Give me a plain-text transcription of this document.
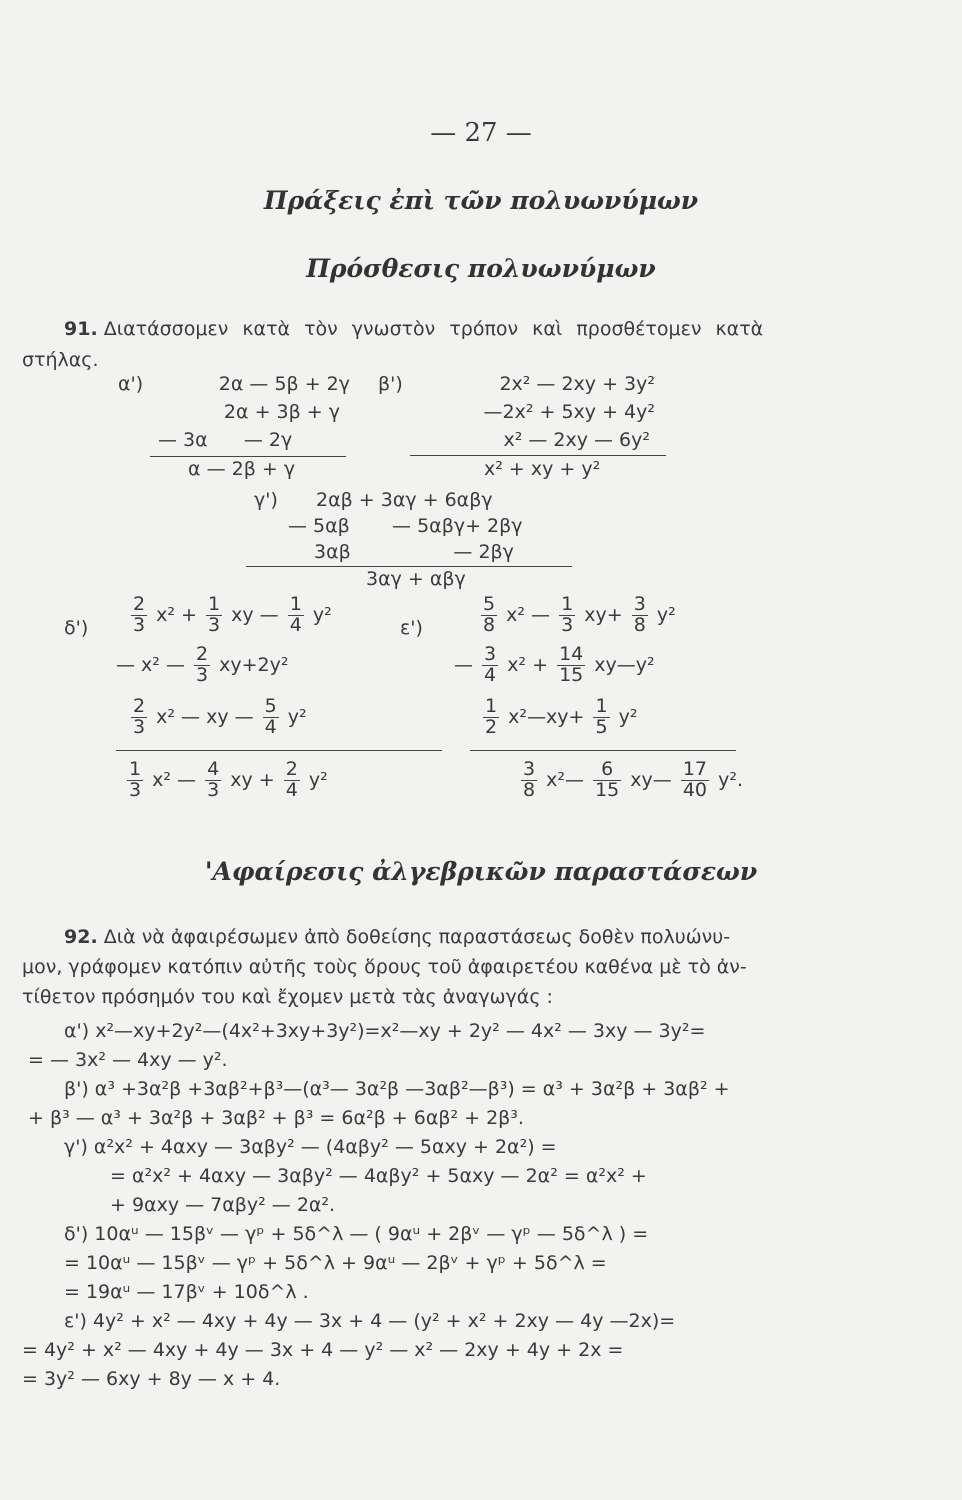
— 27 —
Πράξεις ἐπὶ τῶν πολυωνύμων
Πρόσθεσις πολυωνύμων
91. Διατάσσομεν κατὰ τὸν γνωστὸν τρόπον καὶ προσθέτομεν κατὰ
στήλας.
α')	2α — 5β + 2γ
2α + 3β + γ
— 3α      — 2γ
α — 2β + γ
β')	2x² — 2xy + 3y²
—2x² + 5xy + 4y²
x² — 2xy — 6y²
x² + xy + y²
γ') 2αβ + 3αγ + 6αβγ
— 5αβ       — 5αβγ+ 2βγ
3αβ                 — 2βγ
3αγ + αβγ
$\delta') \frac{2}{3} x^2 + \frac{1}{3}$ xy — $\frac{1}{4} y^2$
— x² — $\frac{2}{3} xy+2y^2$
$\frac{2}{3} x^2$ — xy — $\frac{5}{4} y^2$
$\frac{1}{3} x^2$ — $\frac{4}{3}$ xy + $\frac{2}{4} y^2$
ε')	$\frac{5}{8} x^2$ — $\frac{1}{3} xy+ \frac{3}{8} y^2$
— $\frac{3}{4} x^2 + \frac{14}{15}$ xy—y²
$\frac{1}{2}$ x²—xy+ $\frac{1}{5} y^2$
$\frac{3}{8}$ x²— $\frac{6}{15}$ xy— $\frac{17}{40} y^2$.
'Αφαίρεσις ἀλγεβρικῶν παραστάσεων
92. Διὰ νὰ ἀφαιρέσωμεν ἀπὸ δοθείσης παραστάσεως δοθὲν πολυώνυ-
μον, γράφομεν κατόπιν αὐτῆς τοὺς ὅρους τοῦ ἀφαιρετέου καθένα μὲ τὸ ἀν-
τίθετον πρόσημόν του καὶ ἔχομεν μετὰ τὰς ἀναγωγάς :
α') x²—xy+2y²—(4x²+3xy+3y²)=x²—xy + 2y² — 4x² — 3xy — 3y²=
= — 3x² — 4xy — y².
β') α³ +3α²β +3αβ²+β³—(α³— 3α²β —3αβ²—β³) = α³ + 3α²β + 3αβ² +
+ β³ — α³ + 3α²β + 3αβ² + β³ = 6α²β + 6αβ² + 2β³.
γ') α²x² + 4αxy — 3αβy² — (4αβy² — 5αxy + 2α²) =
= α²x² + 4αxy — 3αβy² — 4αβy² + 5αxy — 2α² = α²x² +
+ 9αxy — 7αβy² — 2α².
δ') 10αᵘ — 15βᵛ — γᵖ + 5δ^λ — ( 9αᵘ + 2βᵛ — γᵖ — 5δ^λ ) =
= 10αᵘ — 15βᵛ — γᵖ + 5δ^λ + 9αᵘ — 2βᵛ + γᵖ + 5δ^λ =
= 19αᵘ — 17βᵛ + 10δ^λ .
ε') 4y² + x² — 4xy + 4y — 3x + 4 — (y² + x² + 2xy — 4y —2x)=
= 4y² + x² — 4xy + 4y — 3x + 4 — y² — x² — 2xy + 4y + 2x =
= 3y² — 6xy + 8y — x + 4.
